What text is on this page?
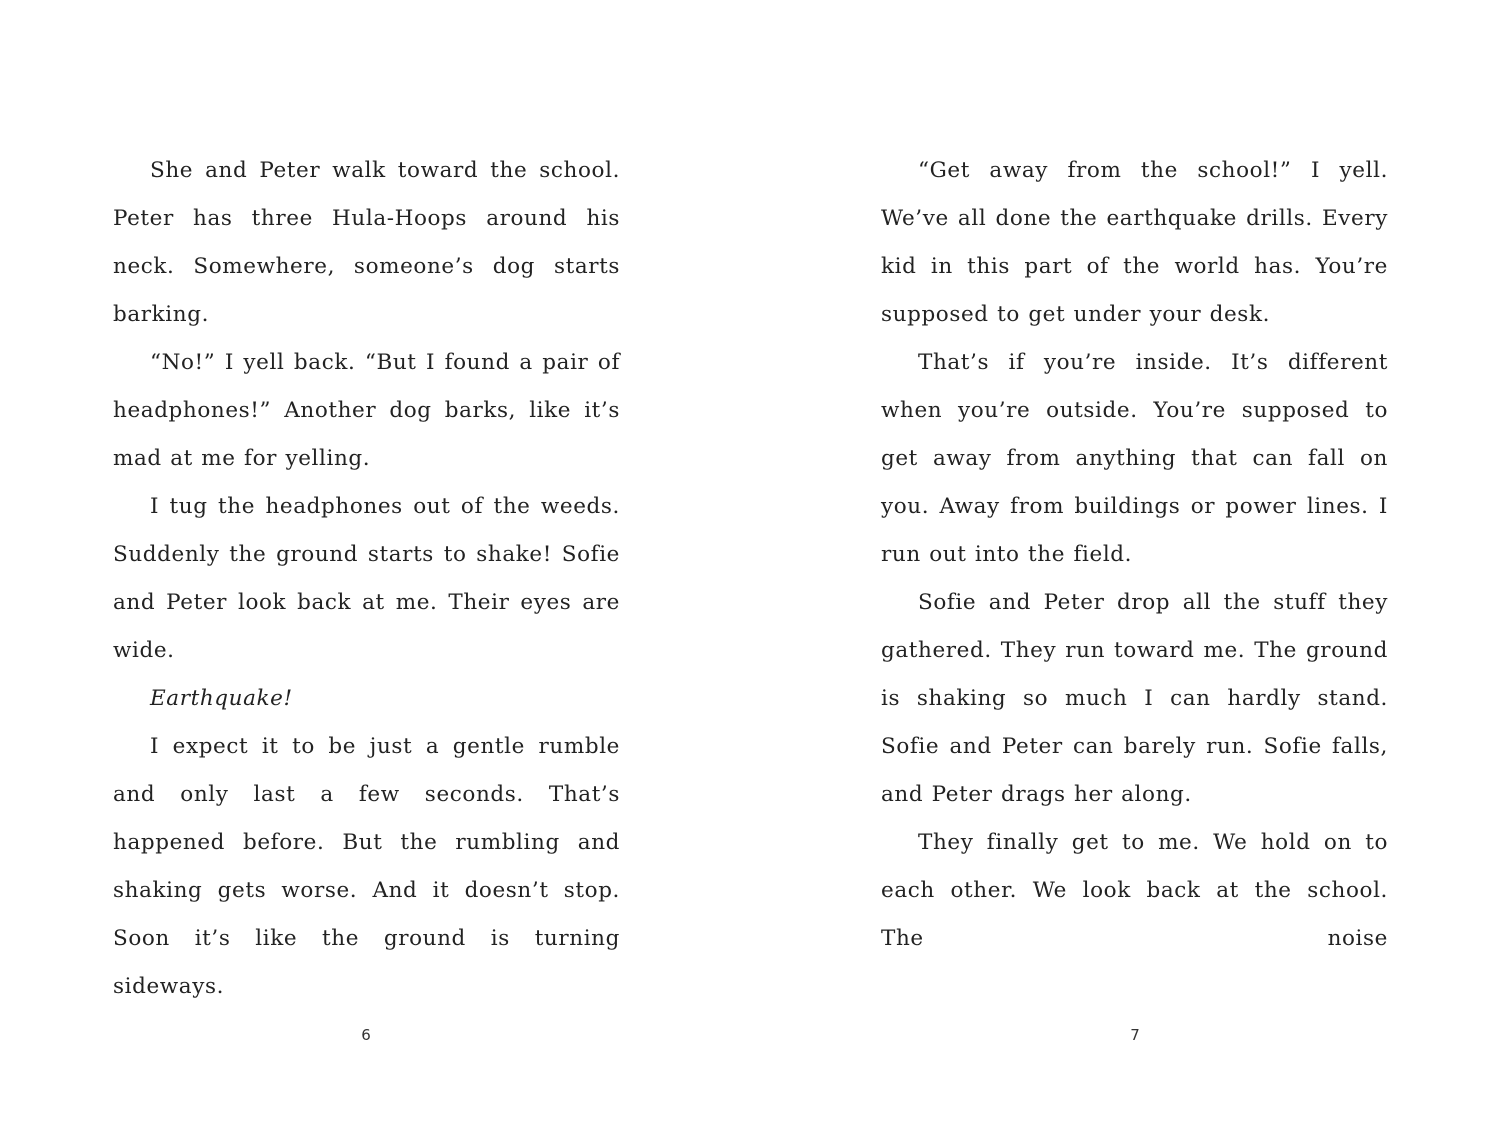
She and Peter walk toward the school. Peter has three Hula-Hoops around his neck. Somewhere, someone’s dog starts barking.

“No!” I yell back. “But I found a pair of headphones!” Another dog barks, like it’s mad at me for yelling.

I tug the headphones out of the weeds. Suddenly the ground starts to shake! Sofie and Peter look back at me. Their eyes are wide.

Earthquake!

I expect it to be just a gentle rumble and only last a few seconds. That’s happened before. But the rumbling and shaking gets worse. And it doesn’t stop. Soon it’s like the ground is turning sideways.

6

“Get away from the school!” I yell. We’ve all done the earthquake drills. Every kid in this part of the world has. You’re supposed to get under your desk.

That’s if you’re inside. It’s different when you’re outside. You’re supposed to get away from anything that can fall on you. Away from buildings or power lines. I run out into the field.

Sofie and Peter drop all the stuff they gathered. They run toward me. The ground is shaking so much I can hardly stand. Sofie and Peter can barely run. Sofie falls, and Peter drags her along.

They finally get to me. We hold on to each other. We look back at the school. The noise

7
